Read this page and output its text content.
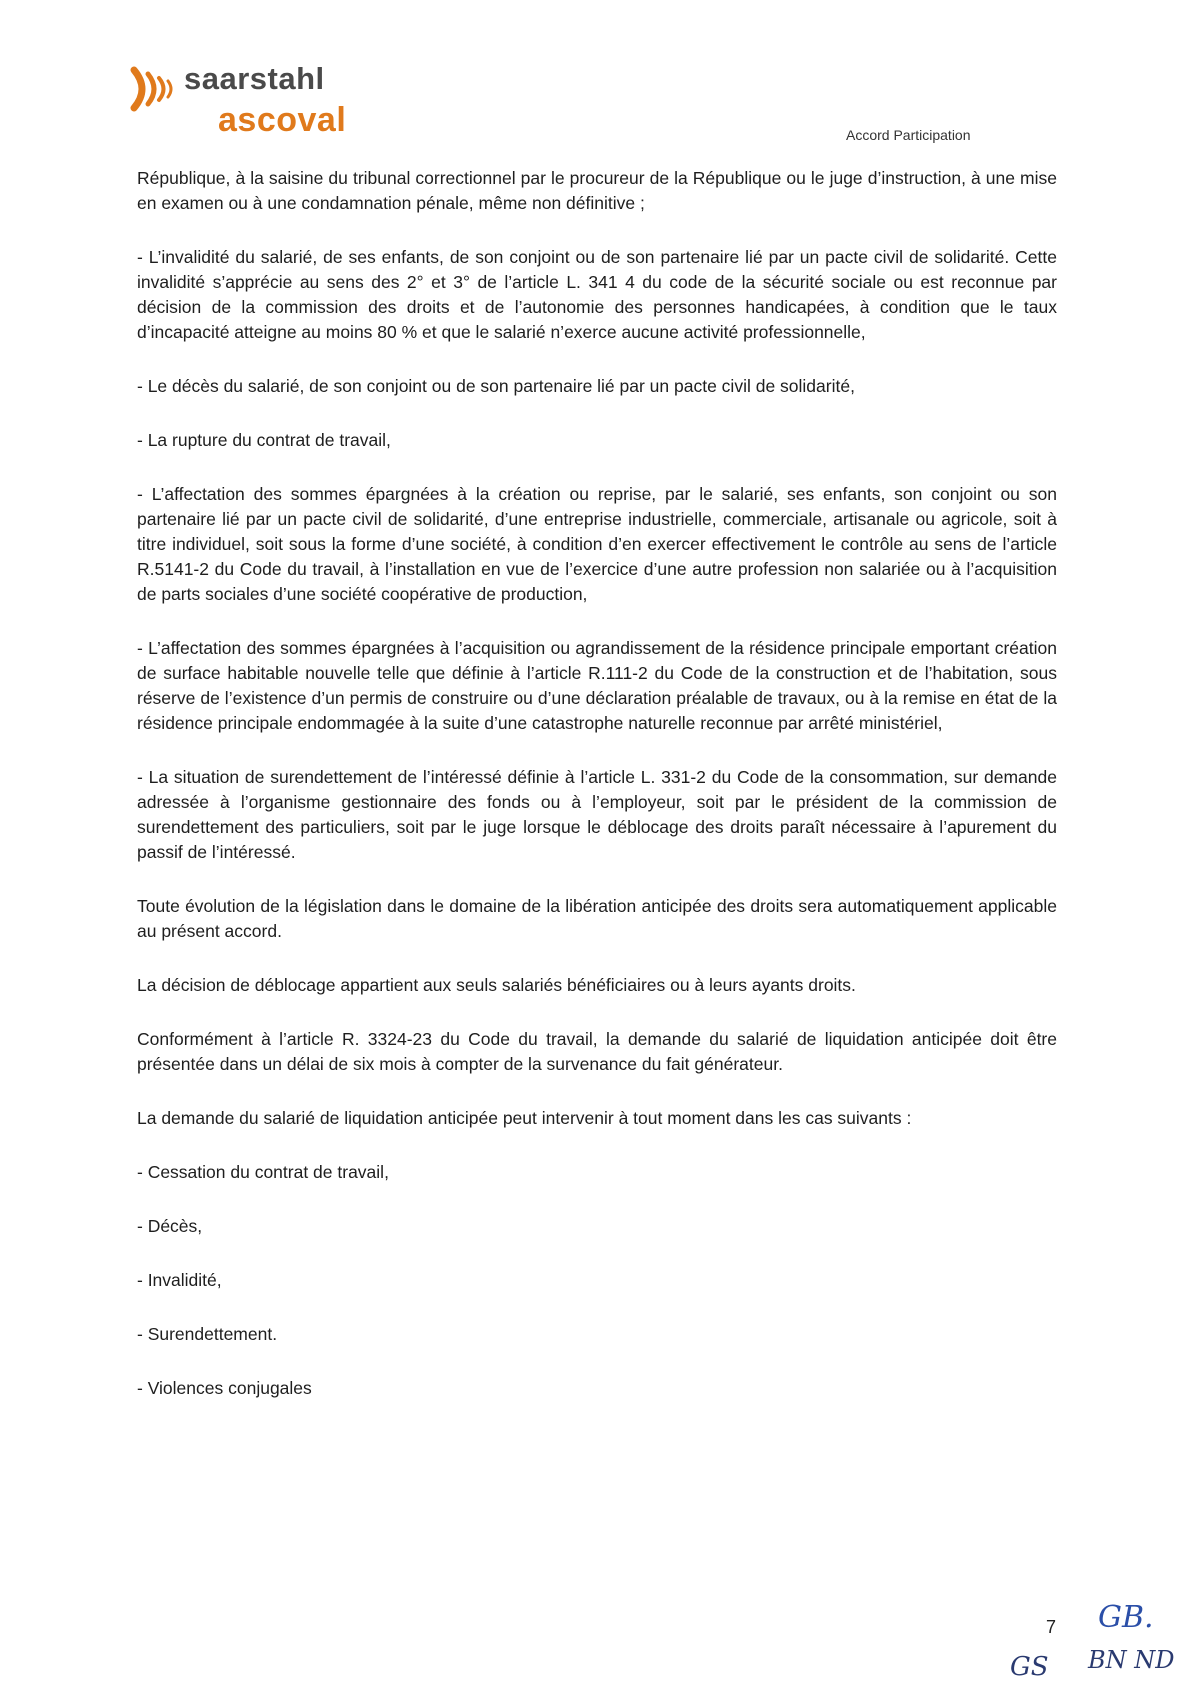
saarstahl
ascoval	Accord Participation

République, à la saisine du tribunal correctionnel par le procureur de la République ou le juge d’instruction, à une mise en examen ou à une condamnation pénale, même non définitive ;

- L’invalidité du salarié, de ses enfants, de son conjoint ou de son partenaire lié par un pacte civil de solidarité. Cette invalidité s’apprécie au sens des 2° et 3° de l’article L. 341 4 du code de la sécurité sociale ou est reconnue par décision de la commission des droits et de l’autonomie des personnes handicapées, à condition que le taux d’incapacité atteigne au moins 80 % et que le salarié n’exerce aucune activité professionnelle,

- Le décès du salarié, de son conjoint ou de son partenaire lié par un pacte civil de solidarité,

- La rupture du contrat de travail,

- L’affectation des sommes épargnées à la création ou reprise, par le salarié, ses enfants, son conjoint ou son partenaire lié par un pacte civil de solidarité, d’une entreprise industrielle, commerciale, artisanale ou agricole, soit à titre individuel, soit sous la forme d’une société, à condition d’en exercer effectivement le contrôle au sens de l’article R.5141-2 du Code du travail, à l’installation en vue de l’exercice d’une autre profession non salariée ou à l’acquisition de parts sociales d’une société coopérative de production,

- L’affectation des sommes épargnées à l’acquisition ou agrandissement de la résidence principale emportant création de surface habitable nouvelle telle que définie à l’article R.111-2 du Code de la construction et de l’habitation, sous réserve de l’existence d’un permis de construire ou d’une déclaration préalable de travaux, ou à la remise en état de la résidence principale endommagée à la suite d’une catastrophe naturelle reconnue par arrêté ministériel,

- La situation de surendettement de l’intéressé définie à l’article L. 331-2 du Code de la consommation, sur demande adressée à l’organisme gestionnaire des fonds ou à l’employeur, soit par le président de la commission de surendettement des particuliers, soit par le juge lorsque le déblocage des droits paraît nécessaire à l’apurement du passif de l’intéressé.

Toute évolution de la législation dans le domaine de la libération anticipée des droits sera automatiquement applicable au présent accord.

La décision de déblocage appartient aux seuls salariés bénéficiaires ou à leurs ayants droits.

Conformément à l’article R. 3324-23 du Code du travail, la demande du salarié de liquidation anticipée doit être présentée dans un délai de six mois à compter de la survenance du fait générateur.

La demande du salarié de liquidation anticipée peut intervenir à tout moment dans les cas suivants :

- Cessation du contrat de travail,

- Décès,

- Invalidité,

- Surendettement.

- Violences conjugales

7 GB.
GS BN ND
